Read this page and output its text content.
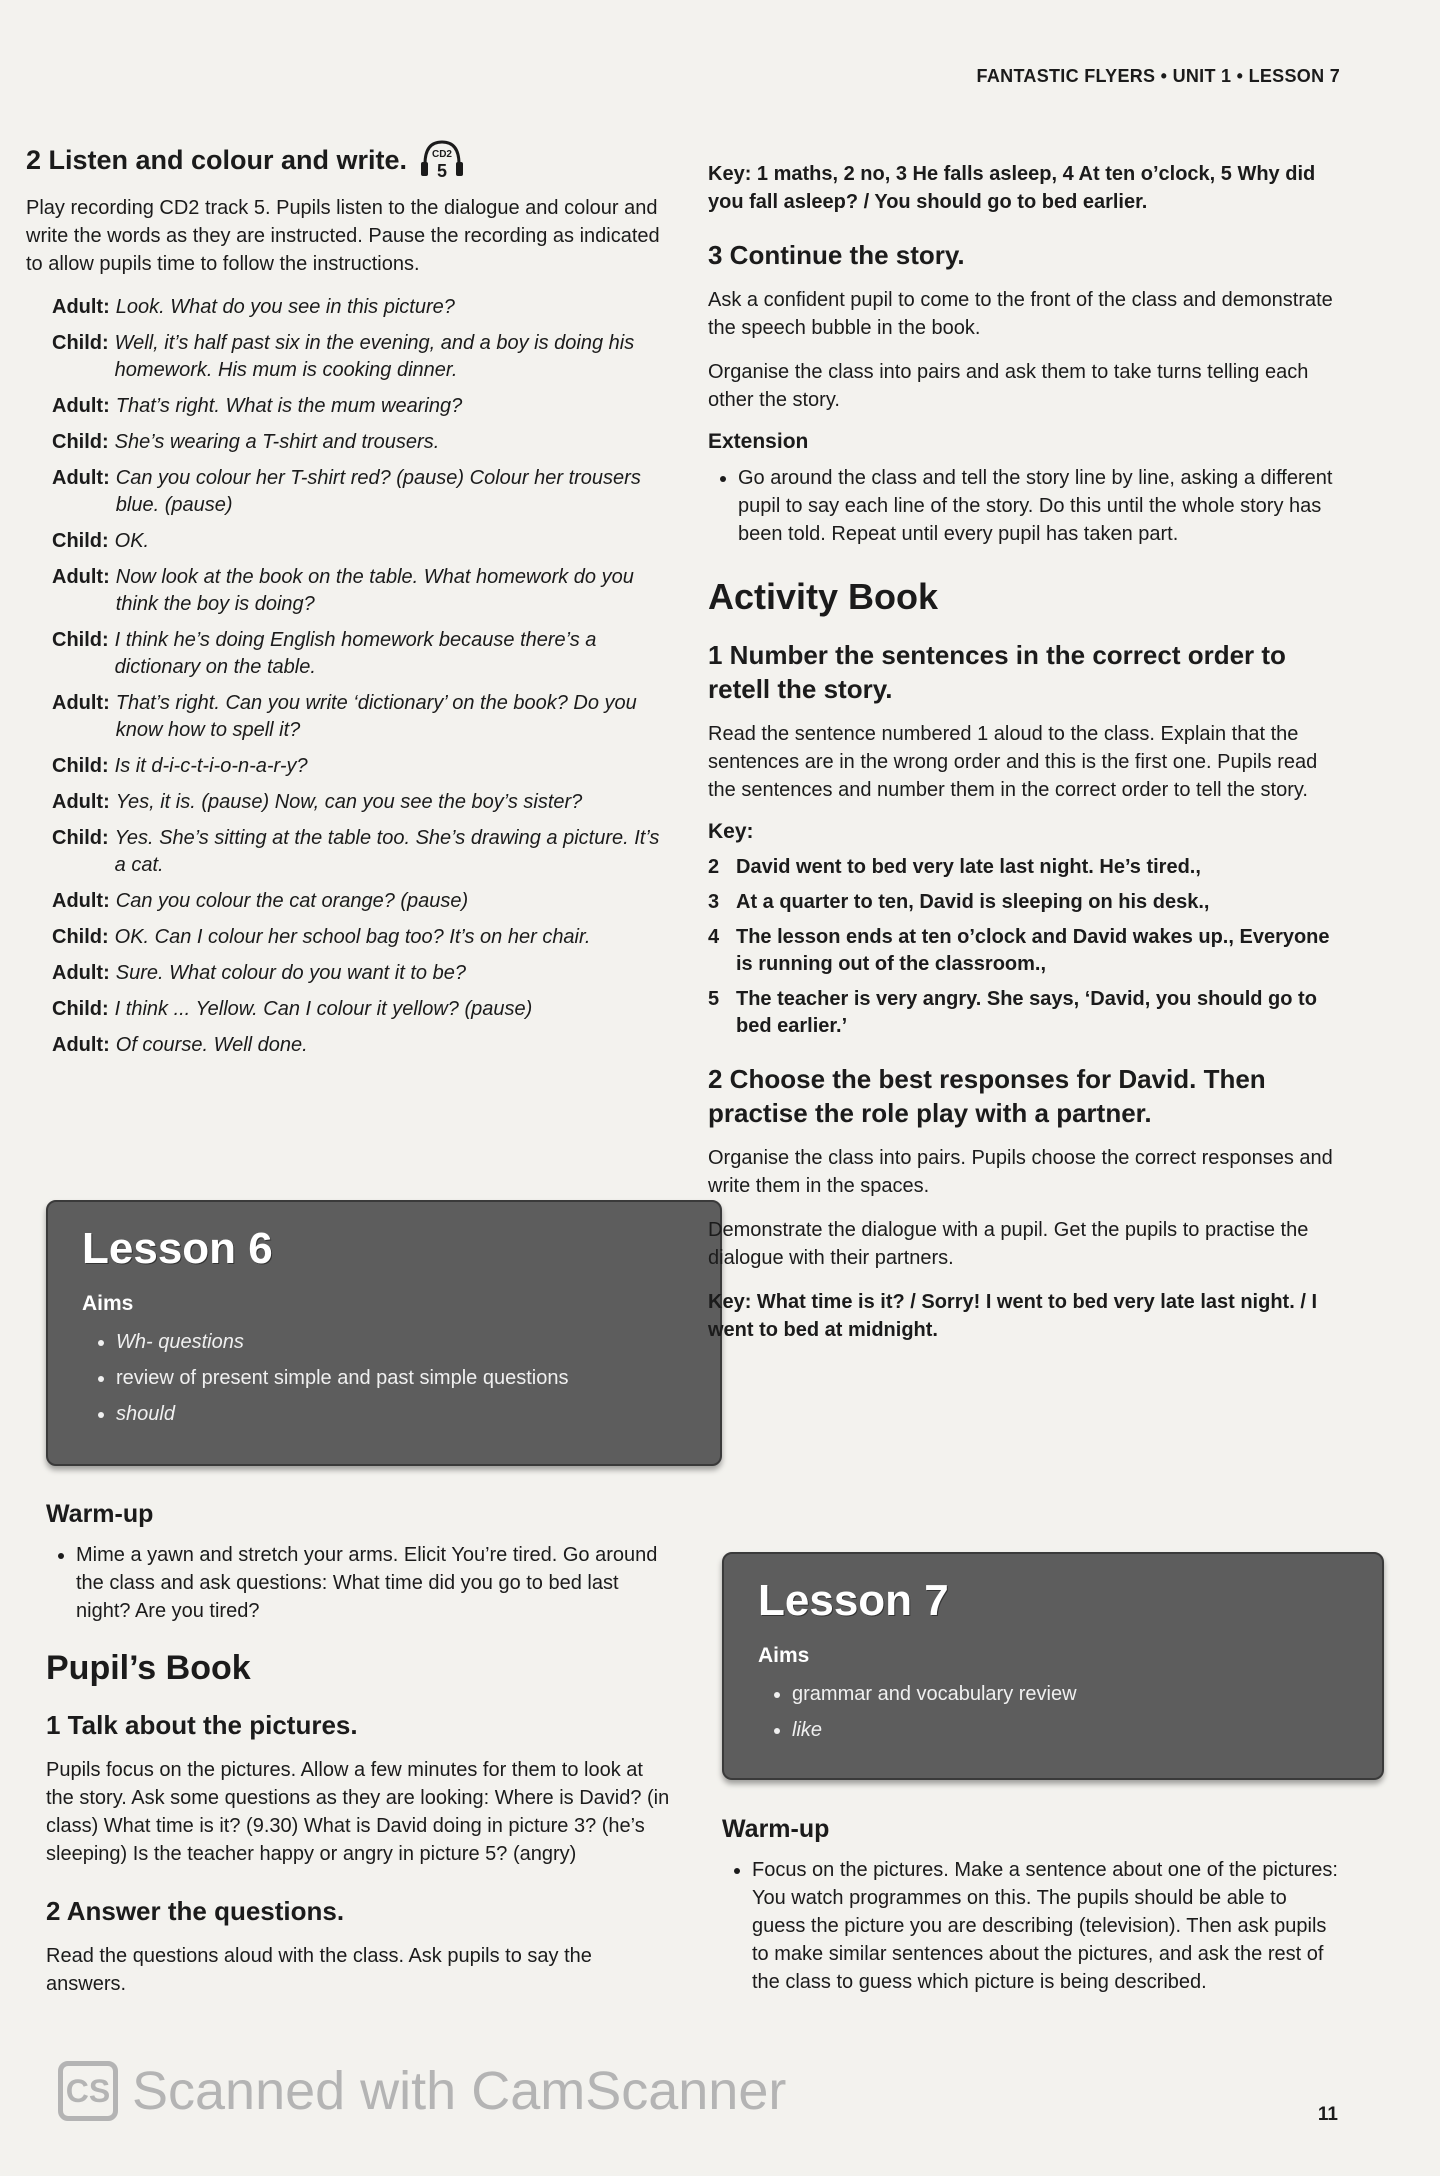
FANTASTIC FLYERS • UNIT 1 • LESSON 7
2 Listen and colour and write. CD2
5

Play recording CD2 track 5. Pupils listen to the dialogue and colour and write the words as they are instructed. Pause the recording as indicated to allow pupils time to follow the instructions.

Adult: Look. What do you see in this picture?
Child: Well, it’s half past six in the evening, and a boy is doing his homework. His mum is cooking dinner.
Adult: That’s right. What is the mum wearing?
Child: She’s wearing a T-shirt and trousers.
Adult: Can you colour her T-shirt red? (pause) Colour her trousers blue. (pause)
Child: OK.
Adult: Now look at the book on the table. What homework do you think the boy is doing?
Child: I think he’s doing English homework because there’s a dictionary on the table.
Adult: That’s right. Can you write ‘dictionary’ on the book? Do you know how to spell it?
Child: Is it d-i-c-t-i-o-n-a-r-y?
Adult: Yes, it is. (pause) Now, can you see the boy’s sister?
Child: Yes. She’s sitting at the table too. She’s drawing a picture. It’s a cat.
Adult: Can you colour the cat orange? (pause)
Child: OK. Can I colour her school bag too? It’s on her chair.
Adult: Sure. What colour do you want it to be?
Child: I think ... Yellow. Can I colour it yellow? (pause)
Adult: Of course. Well done.
Lesson 6
Aims
• Wh- questions
• review of present simple and past simple questions
• should
Warm-up
• Mime a yawn and stretch your arms. Elicit You’re tired. Go around the class and ask questions: What time did you go to bed last night? Are you tired?
Pupil’s Book
1 Talk about the pictures.

Pupils focus on the pictures. Allow a few minutes for them to look at the story. Ask some questions as they are looking: Where is David? (in class) What time is it? (9.30) What is David doing in picture 3? (he’s sleeping) Is the teacher happy or angry in picture 5? (angry)

2 Answer the questions.

Read the questions aloud with the class. Ask pupils to say the answers.

Key: 1 maths, 2 no, 3 He falls asleep, 4 At ten o’clock, 5 Why did you fall asleep? / You should go to bed earlier.

3 Continue the story.

Ask a confident pupil to come to the front of the class and demonstrate the speech bubble in the book.

Organise the class into pairs and ask them to take turns telling each other the story.

Extension
• Go around the class and tell the story line by line, asking a different pupil to say each line of the story. Do this until the whole story has been told. Repeat until every pupil has taken part.
Activity Book
1 Number the sentences in the correct order to retell the story.

Read the sentence numbered 1 aloud to the class. Explain that the sentences are in the wrong order and this is the first one. Pupils read the sentences and number them in the correct order to tell the story.

Key:
2 David went to bed very late last night. He’s tired.,
3 At a quarter to ten, David is sleeping on his desk.,
4 The lesson ends at ten o’clock and David wakes up., Everyone is running out of the classroom.,
5 The teacher is very angry. She says, ‘David, you should go to bed earlier.’
2 Choose the best responses for David. Then practise the role play with a partner.

Organise the class into pairs. Pupils choose the correct responses and write them in the spaces.

Demonstrate the dialogue with a pupil. Get the pupils to practise the dialogue with their partners.

Key: What time is it? / Sorry! I went to bed very late last night. / I went to bed at midnight.

Lesson 7
Aims
• grammar and vocabulary review
• like
Warm-up
• Focus on the pictures. Make a sentence about one of the pictures: You watch programmes on this. The pupils should be able to guess the picture you are describing (television). Then ask pupils to make similar sentences about the pictures, and ask the rest of the class to guess which picture is being described.
CS Scanned with CamScanner	11
